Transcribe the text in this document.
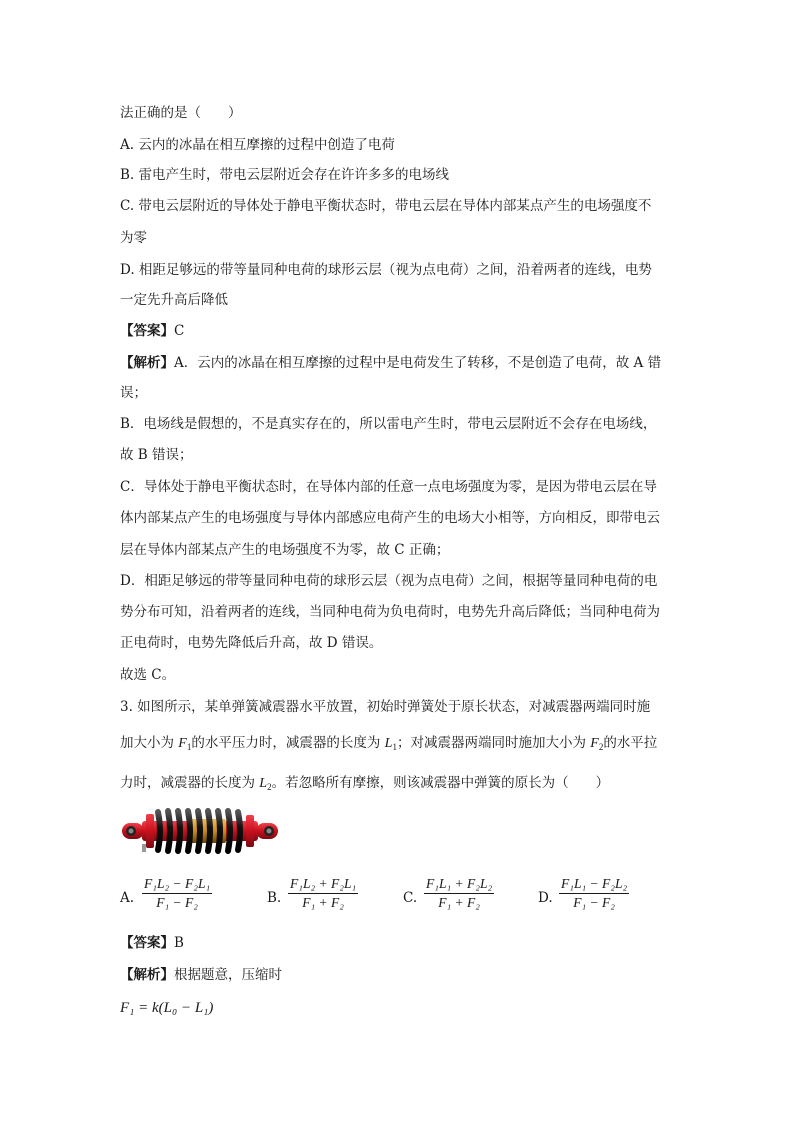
法正确的是（　　）
A. 云内的冰晶在相互摩擦的过程中创造了电荷
B. 雷电产生时，带电云层附近会存在许许多多的电场线
C. 带电云层附近的导体处于静电平衡状态时，带电云层在导体内部某点产生的电场强度不
为零
D. 相距足够远的带等量同种电荷的球形云层（视为点电荷）之间，沿着两者的连线，电势
一定先升高后降低
【答案】C
【解析】A．云内的冰晶在相互摩擦的过程中是电荷发生了转移，不是创造了电荷，故 A 错
误；
B．电场线是假想的，不是真实存在的，所以雷电产生时，带电云层附近不会存在电场线，
故 B 错误；
C．导体处于静电平衡状态时，在导体内部的任意一点电场强度为零，是因为带电云层在导
体内部某点产生的电场强度与导体内部感应电荷产生的电场大小相等，方向相反，即带电云
层在导体内部某点产生的电场强度不为零，故 C 正确；
D．相距足够远的带等量同种电荷的球形云层（视为点电荷）之间，根据等量同种电荷的电
势分布可知，沿着两者的连线，当同种电荷为负电荷时，电势先升高后降低；当同种电荷为
正电荷时，电势先降低后升高，故 D 错误。
故选 C。
3. 如图所示，某单弹簧减震器水平放置，初始时弹簧处于原长状态，对减震器两端同时施
加大小为 $F_1$的水平压力时，减震器的长度为 $L_1$；对减震器两端同时施加大小为 $F_2$的水平拉
力时，减震器的长度为 $L_2$。若忽略所有摩擦，则该减震器中弹簧的原长为（　　）
A. $\frac{\text{F₁L₂ − F₂L₁}}{\text{F₁ − F₂}}$	B. $\frac{\text{F₁L₂ + F₂L₁}}{\text{F₁ + F₂}}$	C. $\frac{\text{F₁L₁ + F₂L₂}}{\text{F₁ + F₂}}$	D. $\frac{\text{F₁L₁ − F₂L₂}}{\text{F₁ − F₂}}$
【答案】B
【解析】根据题意，压缩时
F₁ = k(L₀ − L₁)
